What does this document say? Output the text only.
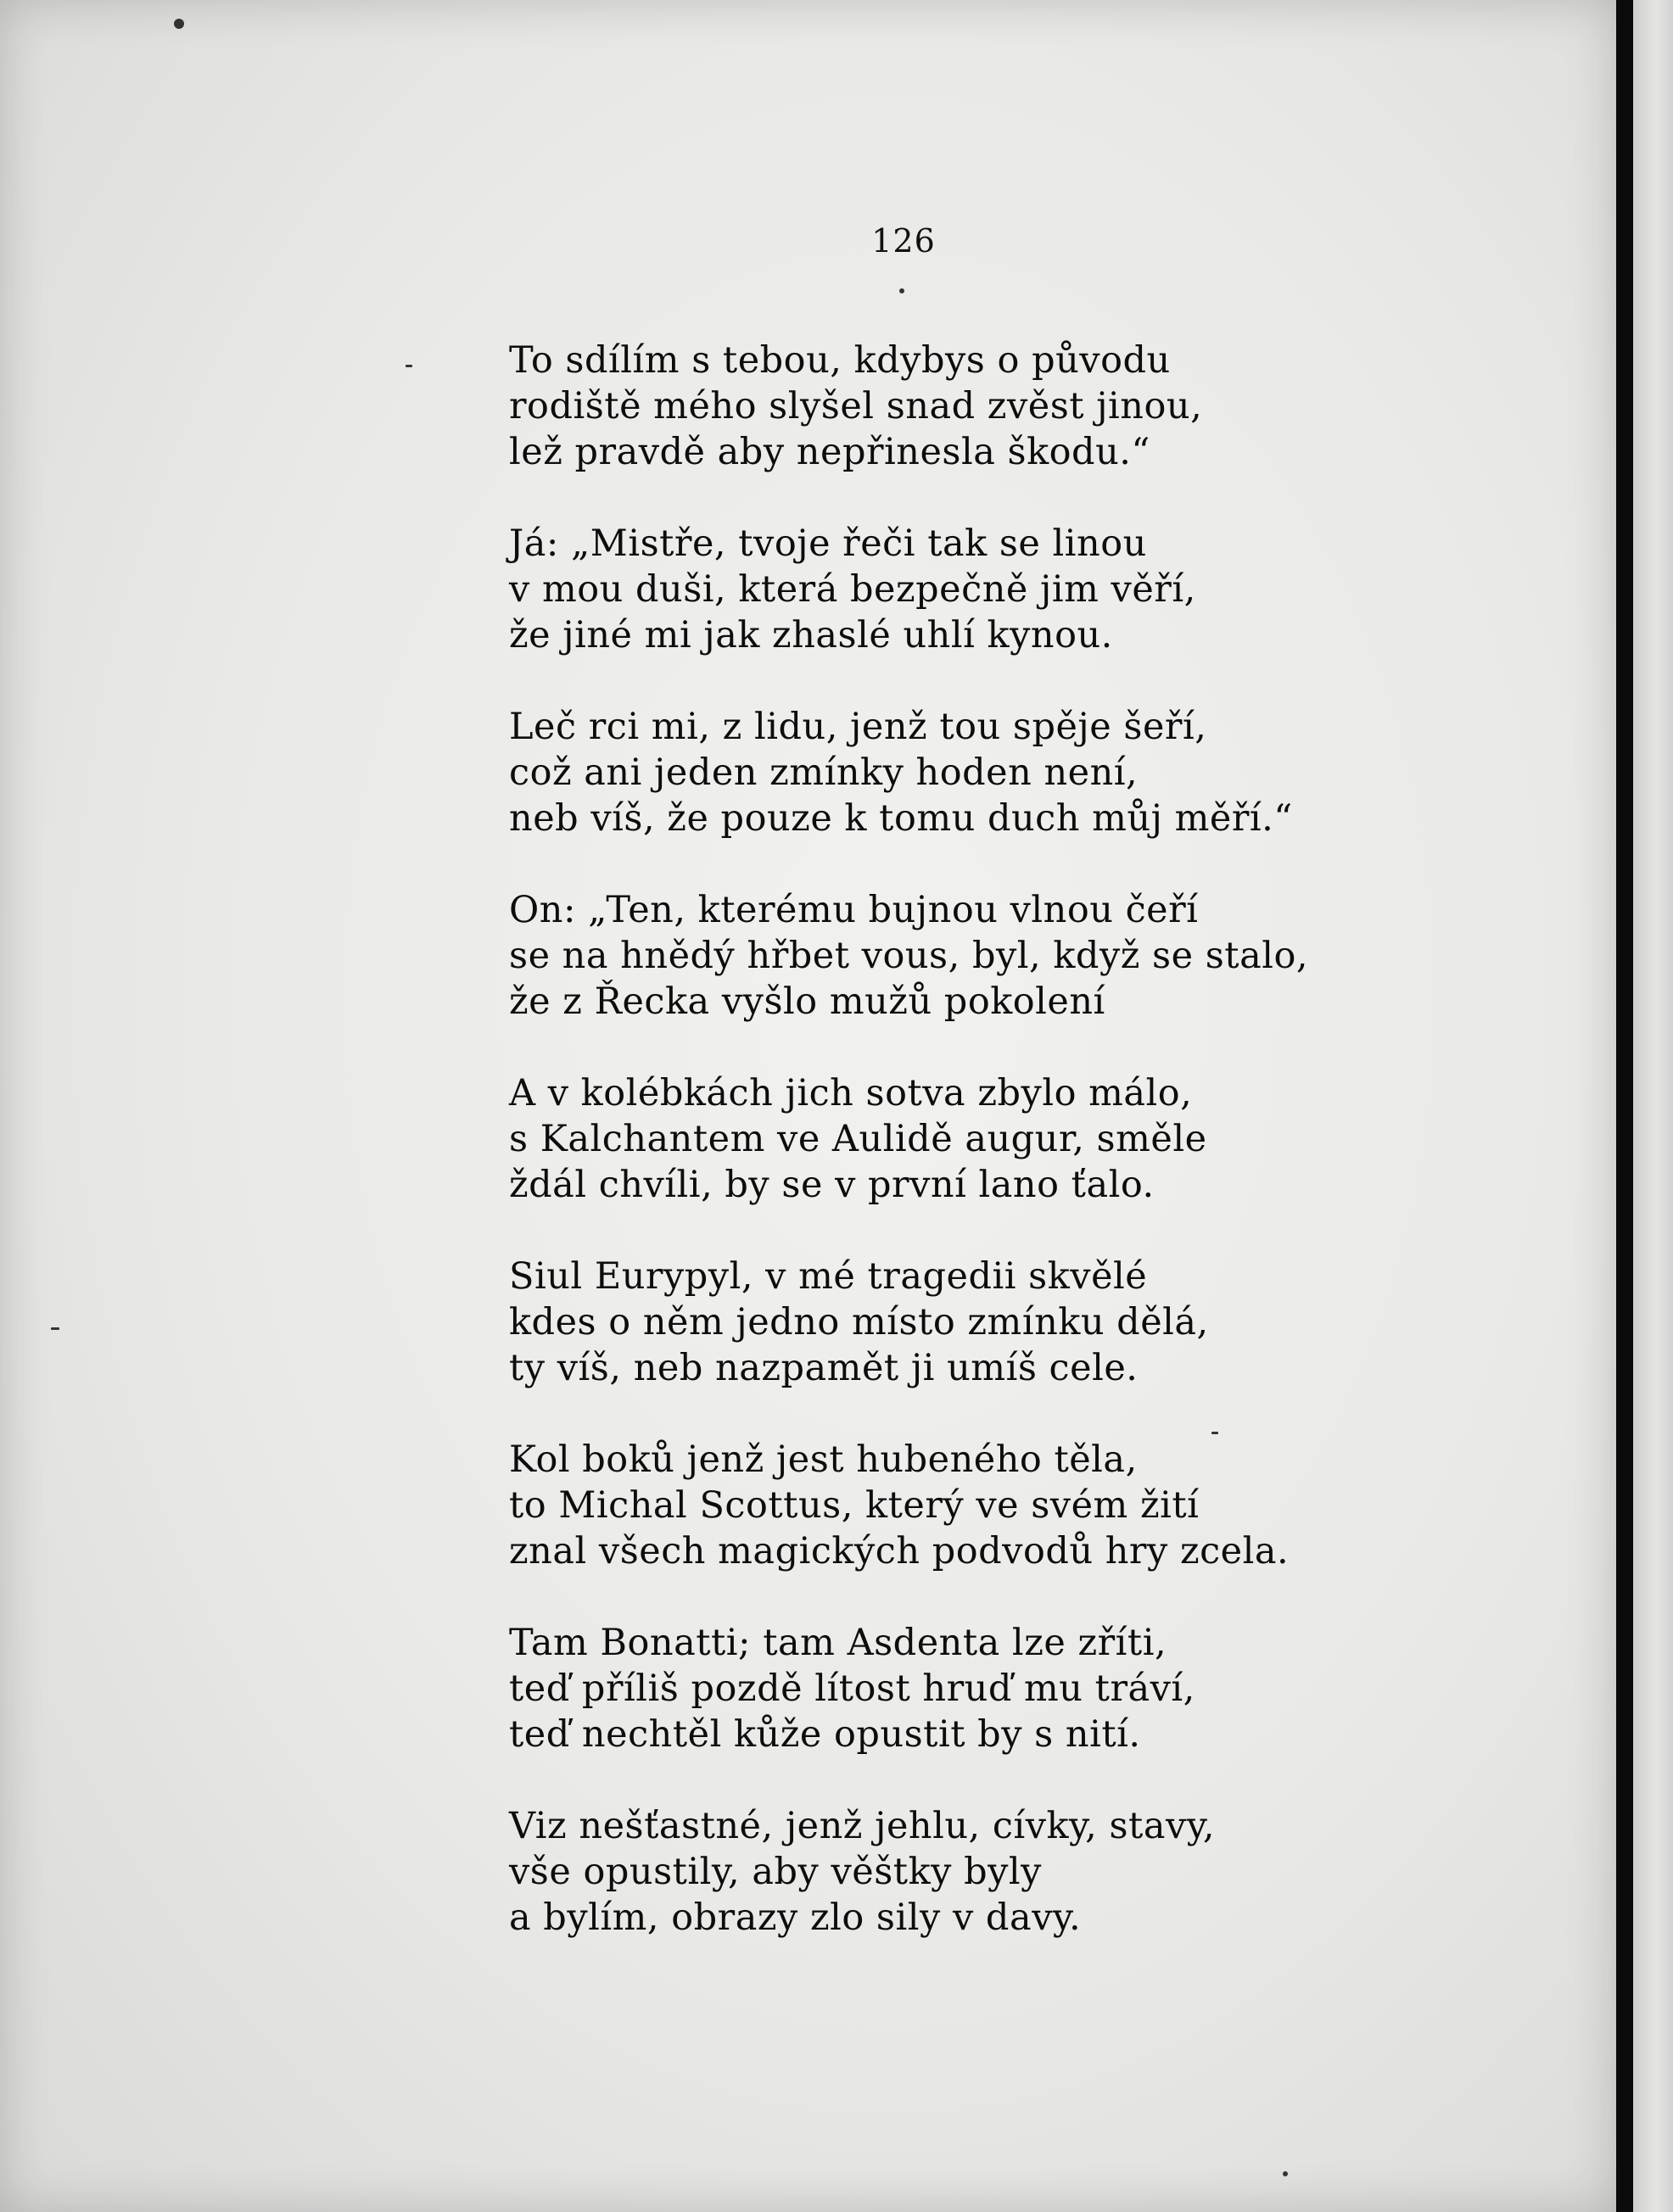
126
To sdílím s tebou, kdybys o původu
rodiště mého slyšel snad zvěst jinou,
lež pravdě aby nepřinesla škodu.“
Já: „Mistře, tvoje řeči tak se linou
v mou duši, která bezpečně jim věří,
že jiné mi jak zhaslé uhlí kynou.
Leč rci mi, z lidu, jenž tou spěje šeří,
což ani jeden zmínky hoden není,
neb víš, že pouze k tomu duch můj měří.“
On: „Ten, kterému bujnou vlnou čeří
se na hnědý hřbet vous, byl, když se stalo,
že z Řecka vyšlo mužů pokolení
A v kolébkách jich sotva zbylo málo,
s Kalchantem ve Aulidě augur, směle
ždál chvíli, by se v první lano ťalo.
Siul Eurypyl, v mé tragedii skvělé
kdes o něm jedno místo zmínku dělá,
ty víš, neb nazpamět ji umíš cele.
Kol boků jenž jest hubeného těla,
to Michal Scottus, který ve svém žití
znal všech magických podvodů hry zcela.
Tam Bonatti; tam Asdenta lze zříti,
teď příliš pozdě lítost hruď mu tráví,
teď nechtěl kůže opustit by s nití.
Viz nešťastné, jenž jehlu, cívky, stavy,
vše opustily, aby věštky byly
a bylím, obrazy zlo sily v davy.
